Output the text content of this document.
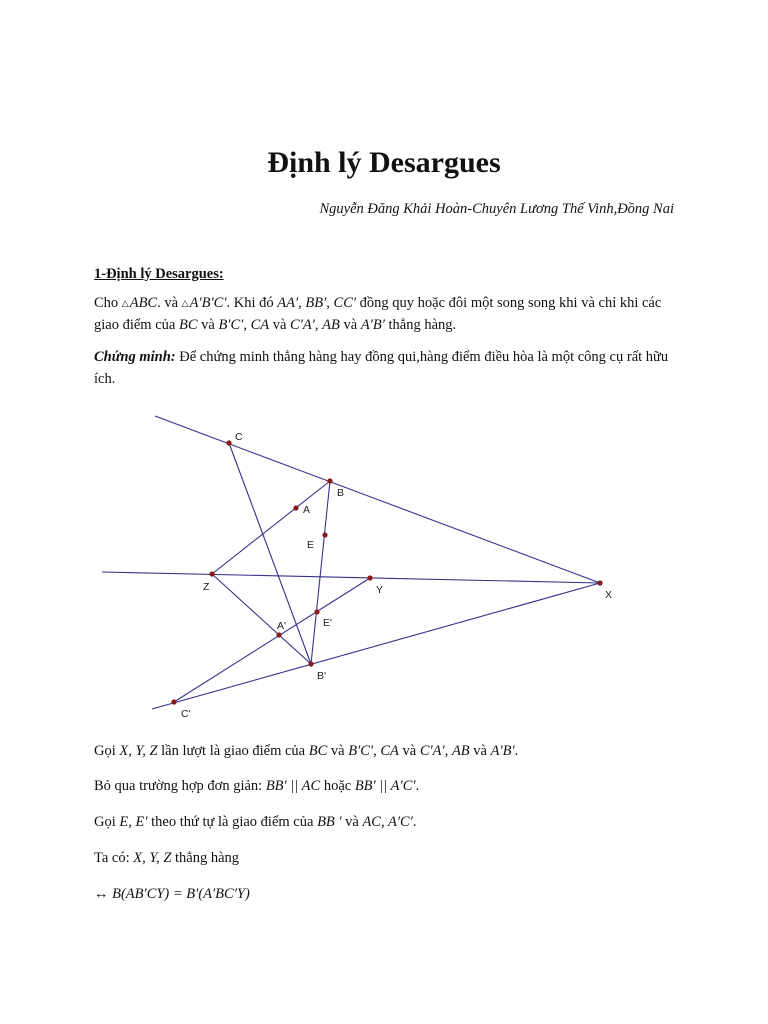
Định lý Desargues
Nguyễn Đăng Khải Hoàn-Chuyên Lương Thế Vinh,Đồng Nai
1-Định lý Desargues:

Cho △ABC. và △A′B′C′. Khi đó AA′, BB′, CC′ đồng quy hoặc đôi một song song khi và chỉ khi các giao điểm của BC và B′C′, CA và C′A′, AB và A′B′ thẳng hàng.

Chứng minh: Để chứng minh thẳng hàng hay đồng qui,hàng điểm điều hòa là một công cụ rất hữu ích.

C
B
A
E
Z	Y	X
E'
A'
B'
C'

Gọi X, Y, Z lần lượt là giao điểm của BC và B′C′, CA và C′A′, AB và A′B′.

Bỏ qua trường hợp đơn giản: BB′ || AC hoặc BB′ || A′C′.

Gọi E, E′ theo thứ tự là giao điểm của BB ' và AC, A′C′.

Ta có: X, Y, Z thẳng hàng

↔ B(AB′CY) = B′(A′BC′Y)
